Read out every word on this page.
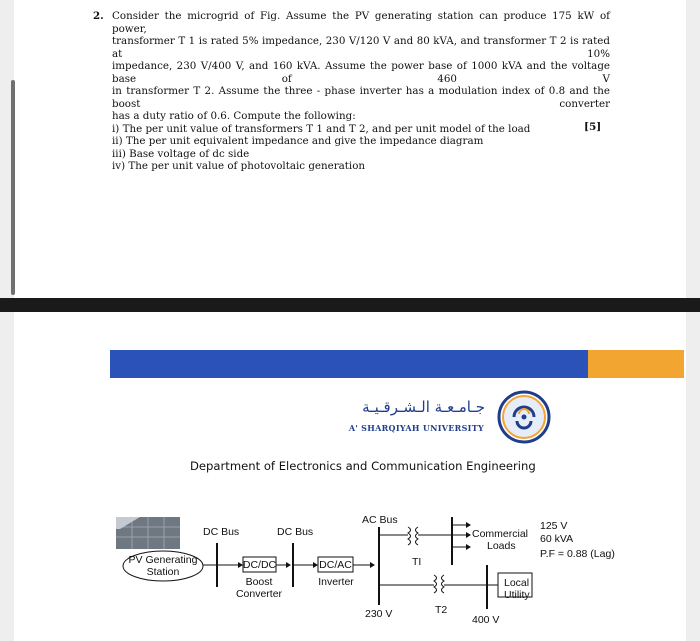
2. Consider the microgrid of Fig. Assume the PV generating station can produce 175 kW of power,

transformer T 1 is rated 5% impedance, 230 V/120 V and 80 kVA, and transformer T 2 is rated at 10%

impedance, 230 V/400 V, and 160 kVA. Assume the power base of 1000 kVA and the voltage base of 460 V

in transformer T 2. Assume the three - phase inverter has a modulation index of 0.8 and the boost converter

has a duty ratio of 0.6. Compute the following:

i) The per unit value of transformers T 1 and T 2, and per unit model of the load

ii) The per unit equivalent impedance and give the impedance diagram

iii) Base voltage of dc side

iv) The per unit value of photovoltaic generation

[5]
جـامـعـة الـشـرقـيـة
A' SHARQIYAH UNIVERSITY
Department of Electronics and Communication Engineering
PV Generating
Station
DC Bus	DC Bus
DC/DC
Boost
Converter
DC/AC
Inverter
AC Bus
230 V
TI
Commercial
Loads
125 V
60 kVA
P.F = 0.88 (Lag)
T2
400 V
Local
Utility
